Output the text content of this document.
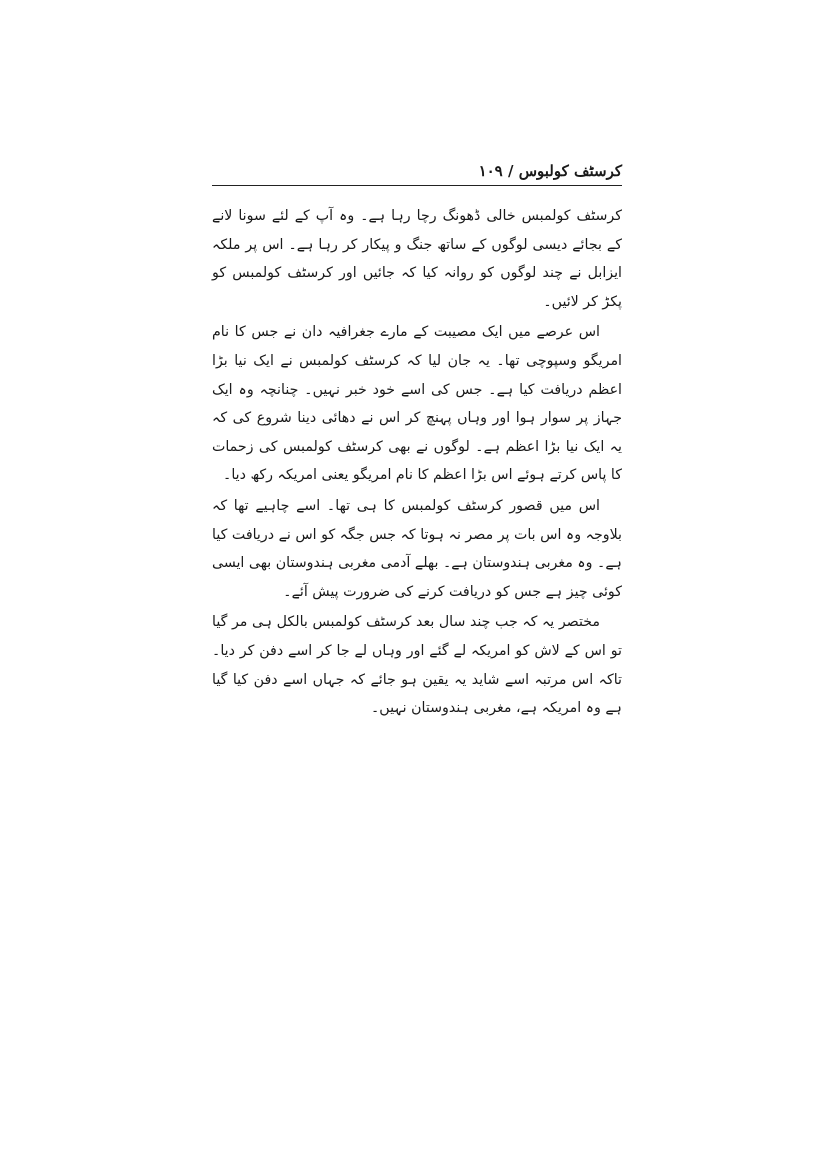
کرسٹف کولبوس / ۱۰۹

کرسٹف کولمبس خالی ڈھونگ رچا رہا ہے۔ وہ آپ کے لئے سونا لانے کے بجائے دیسی لوگوں کے ساتھ جنگ و پیکار کر رہا ہے۔ اس پر ملکہ ایزابل نے چند لوگوں کو روانہ کیا کہ جائیں اور کرسٹف کولمبس کو پکڑ کر لائیں۔

اس عرصے میں ایک مصیبت کے مارے جغرافیہ دان نے جس کا نام امریگو وسپوچی تھا۔ یہ جان لیا کہ کرسٹف کولمبس نے ایک نیا بڑا اعظم دریافت کیا ہے۔ جس کی اسے خود خبر نہیں۔ چنانچہ وہ ایک جہاز پر سوار ہوا اور وہاں پہنچ کر اس نے دھائی دینا شروع کی کہ یہ ایک نیا بڑا اعظم ہے۔ لوگوں نے بھی کرسٹف کولمبس کی زحمات کا پاس کرتے ہوئے اس بڑا اعظم کا نام امریگو یعنی امریکہ رکھ دیا۔

اس میں قصور کرسٹف کولمبس کا ہی تھا۔ اسے چاہیے تھا کہ بلاوجہ وہ اس بات پر مصر نہ ہوتا کہ جس جگہ کو اس نے دریافت کیا ہے۔ وہ مغربی ہندوستان ہے۔ بھلے آدمی مغربی ہندوستان بھی ایسی کوئی چیز ہے جس کو دریافت کرنے کی ضرورت پیش آئے۔

مختصر یہ کہ جب چند سال بعد کرسٹف کولمبس بالکل ہی مر گیا تو اس کے لاش کو امریکہ لے گئے اور وہاں لے جا کر اسے دفن کر دیا۔ تاکہ اس مرتبہ اسے شاید یہ یقین ہو جائے کہ جہاں اسے دفن کیا گیا ہے وہ امریکہ ہے، مغربی ہندوستان نہیں۔
